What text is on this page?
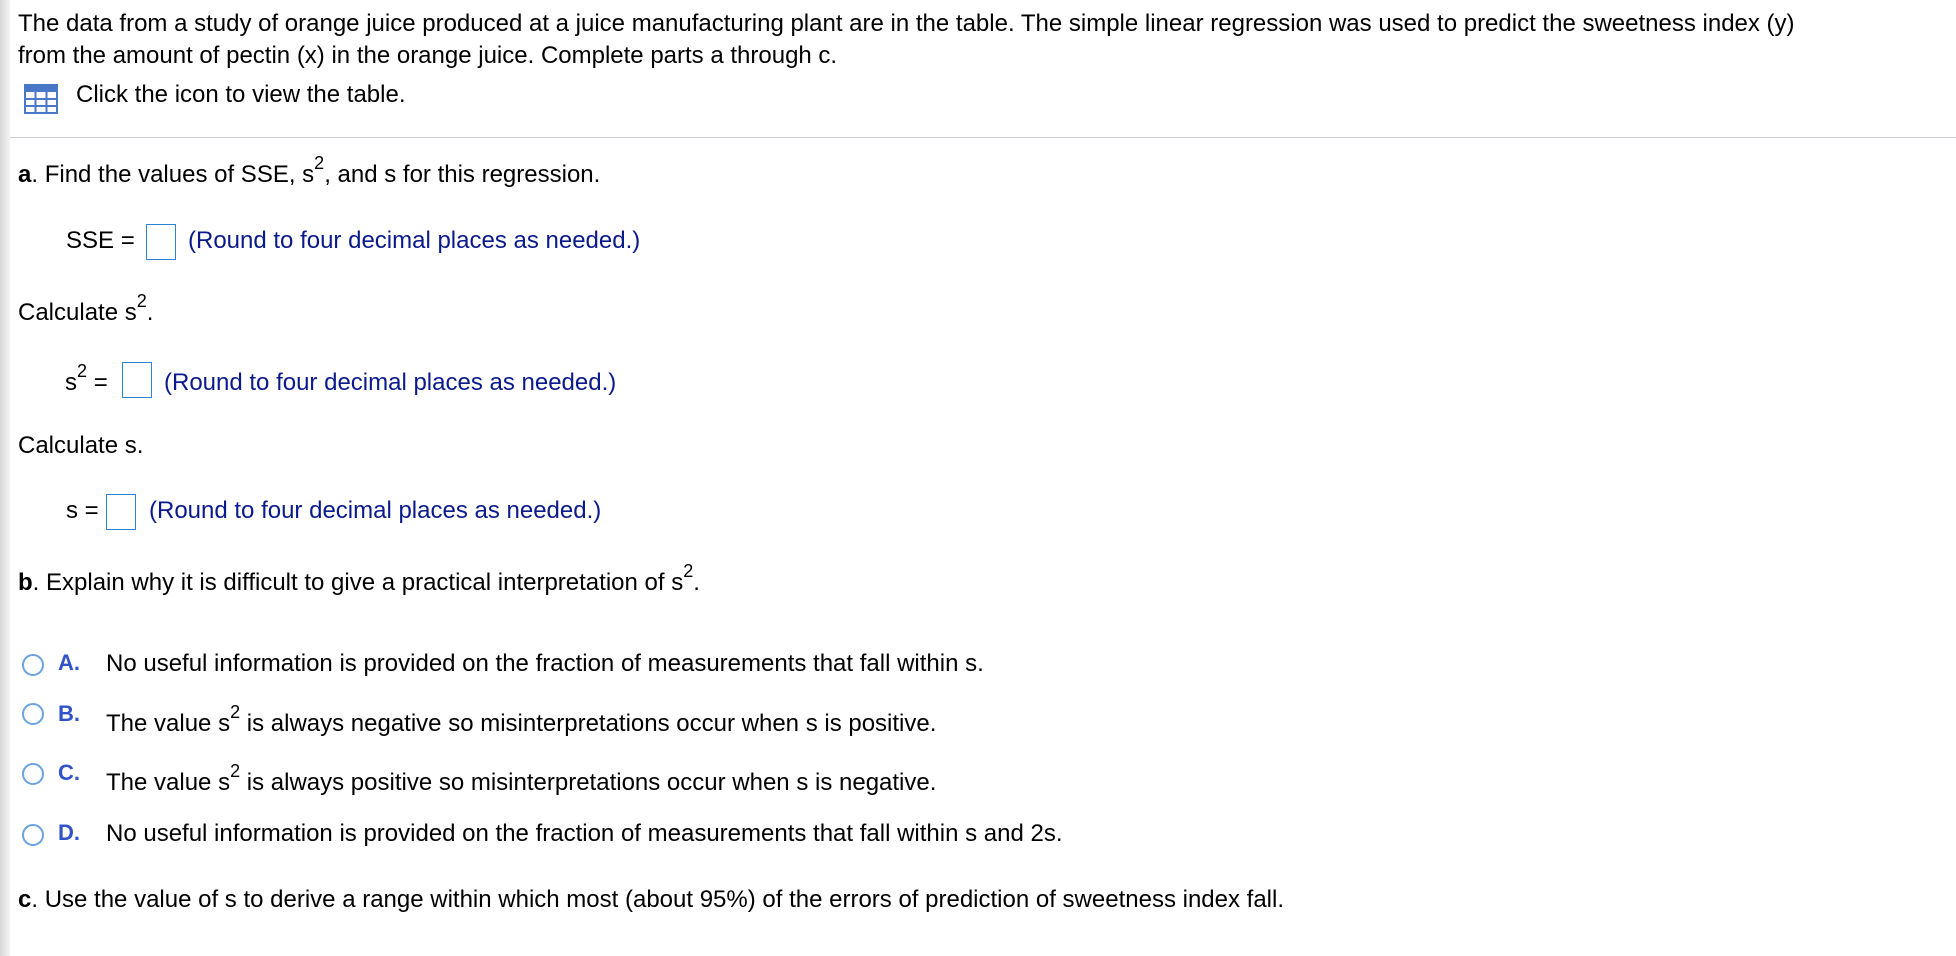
The data from a study of orange juice produced at a juice manufacturing plant are in the table. The simple linear regression was used to predict the sweetness index (y)
from the amount of pectin (x) in the orange juice. Complete parts a through c.
Click the icon to view the table.
a. Find the values of SSE, $s^2$, and s for this regression.
SSE = (Round to four decimal places as needed.)
Calculate $s^2$.
$s^2$ = (Round to four decimal places as needed.)
Calculate s.
s = (Round to four decimal places as needed.)
b. Explain why it is difficult to give a practical interpretation of $s^2$.
A. No useful information is provided on the fraction of measurements that fall within s.
B. The value $s^2$ is always negative so misinterpretations occur when s is positive.
C. The value $s^2$ is always positive so misinterpretations occur when s is negative.
D. No useful information is provided on the fraction of measurements that fall within s and 2s.
c. Use the value of s to derive a range within which most (about 95%) of the errors of prediction of sweetness index fall.
